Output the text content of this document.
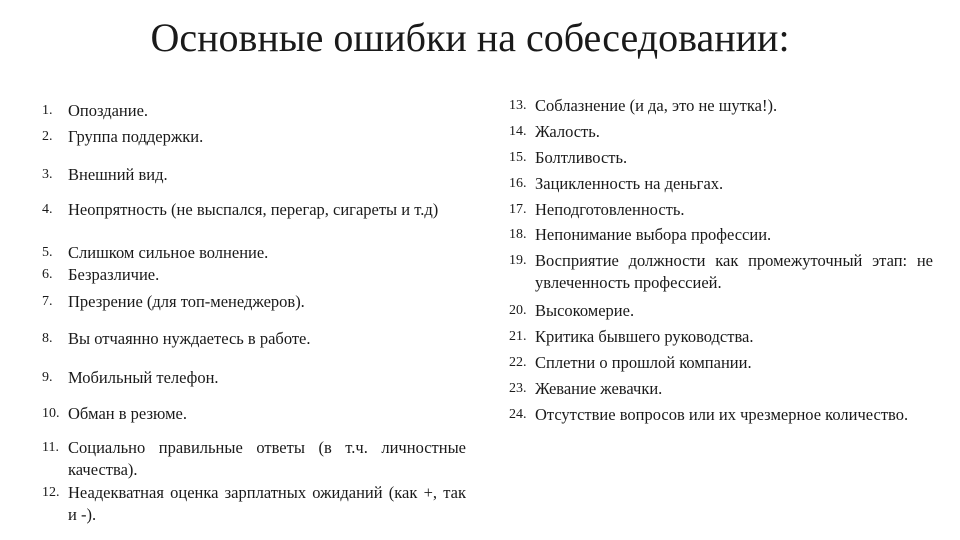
Основные ошибки на собеседовании:
1. Опоздание.
2. Группа поддержки.
3. Внешний вид.
4. Неопрятность (не выспался, перегар, сигареты и т.д)
5. Слишком сильное волнение.
6. Безразличие.
7. Презрение (для топ-менеджеров).
8. Вы отчаянно нуждаетесь в работе.
9. Мобильный телефон.
10. Обман в резюме.
11. Социально правильные ответы (в т.ч. личностные качества).
12. Неадекватная оценка зарплатных ожиданий (как +, так и -).
13. Соблазнение (и да, это не шутка!).
14. Жалость.
15. Болтливость.
16. Зацикленность на деньгах.
17. Неподготовленность.
18. Непонимание выбора профессии.
19. Восприятие должности как промежуточный этап: не увлеченность профессией.
20. Высокомерие.
21. Критика бывшего руководства.
22. Сплетни о прошлой компании.
23. Жевание жевачки.
24. Отсутствие вопросов или их чрезмерное количество.
